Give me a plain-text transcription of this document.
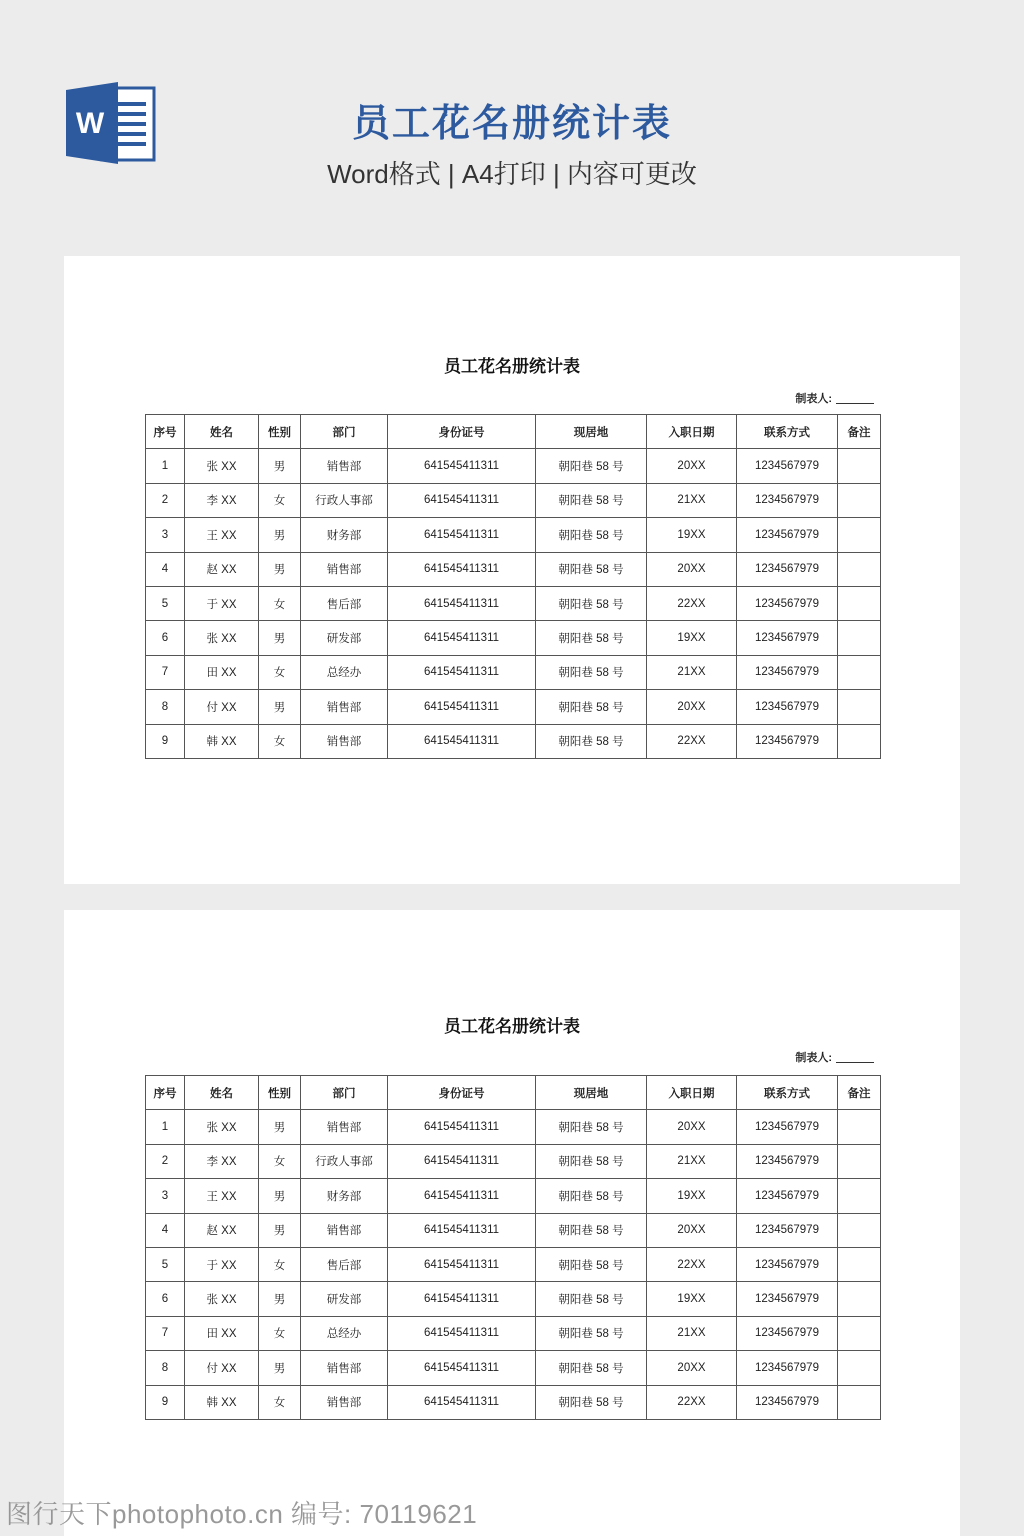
W	员工花名册统计表
Word格式 | A4打印 | 内容可更改
员工花名册统计表
制表人:
序号	姓名	性别	部门	身份证号	现居地	入职日期	联系方式	备注
1	张 XX	男	销售部	641545411311	朝阳巷 58 号	20XX	1234567979	
2	李 XX	女	行政人事部	641545411311	朝阳巷 58 号	21XX	1234567979	
3	王 XX	男	财务部	641545411311	朝阳巷 58 号	19XX	1234567979	
4	赵 XX	男	销售部	641545411311	朝阳巷 58 号	20XX	1234567979	
5	于 XX	女	售后部	641545411311	朝阳巷 58 号	22XX	1234567979	
6	张 XX	男	研发部	641545411311	朝阳巷 58 号	19XX	1234567979	
7	田 XX	女	总经办	641545411311	朝阳巷 58 号	21XX	1234567979	
8	付 XX	男	销售部	641545411311	朝阳巷 58 号	20XX	1234567979	
9	韩 XX	女	销售部	641545411311	朝阳巷 58 号	22XX	1234567979	
员工花名册统计表
制表人:
序号	姓名	性别	部门	身份证号	现居地	入职日期	联系方式	备注
1	张 XX	男	销售部	641545411311	朝阳巷 58 号	20XX	1234567979	
2	李 XX	女	行政人事部	641545411311	朝阳巷 58 号	21XX	1234567979	
3	王 XX	男	财务部	641545411311	朝阳巷 58 号	19XX	1234567979	
4	赵 XX	男	销售部	641545411311	朝阳巷 58 号	20XX	1234567979	
5	于 XX	女	售后部	641545411311	朝阳巷 58 号	22XX	1234567979	
6	张 XX	男	研发部	641545411311	朝阳巷 58 号	19XX	1234567979	
7	田 XX	女	总经办	641545411311	朝阳巷 58 号	21XX	1234567979	
8	付 XX	男	销售部	641545411311	朝阳巷 58 号	20XX	1234567979	
9	韩 XX	女	销售部	641545411311	朝阳巷 58 号	22XX	1234567979	
图行天下photophoto.cn 编号: 70119621
